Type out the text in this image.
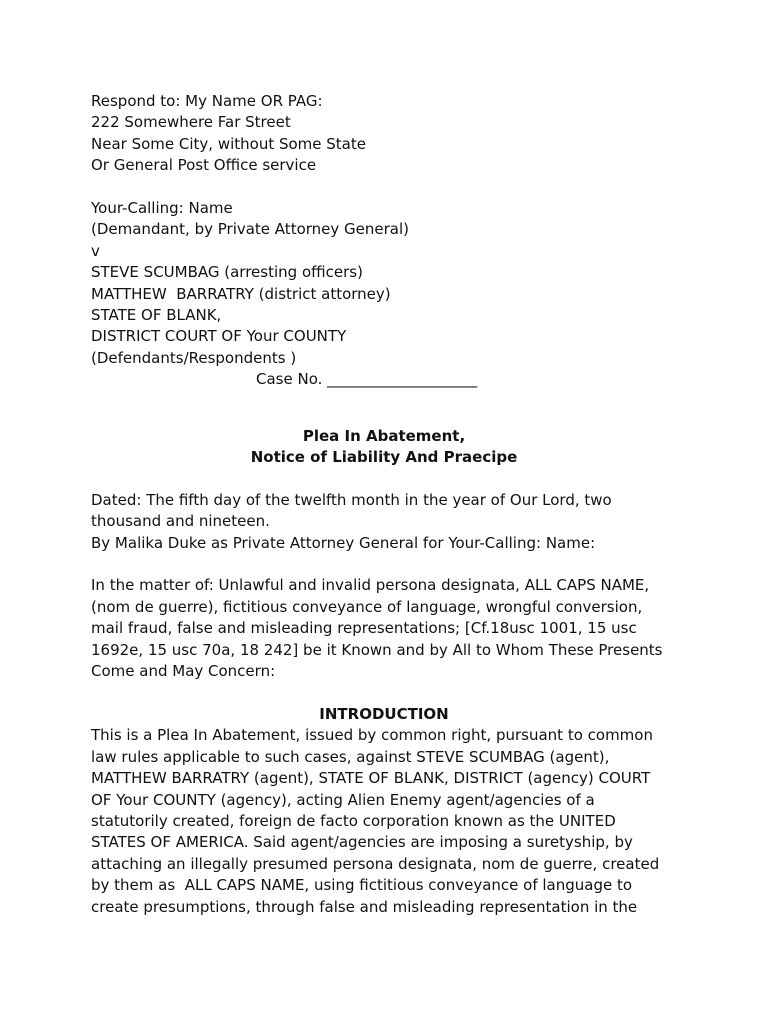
Respond to: My Name OR PAG:
222 Somewhere Far Street
Near Some City, without Some State
Or General Post Office service
Your-Calling: Name
(Demandant, by Private Attorney General)
v
STEVE SCUMBAG (arresting officers)
MATTHEW  BARRATRY (district attorney)
STATE OF BLANK,
DISTRICT COURT OF Your COUNTY
(Defendants/Respondents )
Case No. ____________________
Plea In Abatement,
Notice of Liability And Praecipe
Dated: The fifth day of the twelfth month in the year of Our Lord, two
thousand and nineteen.
By Malika Duke as Private Attorney General for Your-Calling: Name:
In the matter of: Unlawful and invalid persona designata, ALL CAPS NAME,
(nom de guerre), fictitious conveyance of language, wrongful conversion,
mail fraud, false and misleading representations; [Cf.18usc 1001, 15 usc
1692e, 15 usc 70a, 18 242] be it Known and by All to Whom These Presents
Come and May Concern:
INTRODUCTION
This is a Plea In Abatement, issued by common right, pursuant to common
law rules applicable to such cases, against STEVE SCUMBAG (agent),
MATTHEW BARRATRY (agent), STATE OF BLANK, DISTRICT (agency) COURT
OF Your COUNTY (agency), acting Alien Enemy agent/agencies of a
statutorily created, foreign de facto corporation known as the UNITED
STATES OF AMERICA. Said agent/agencies are imposing a suretyship, by
attaching an illegally presumed persona designata, nom de guerre, created
by them as  ALL CAPS NAME, using fictitious conveyance of language to
create presumptions, through false and misleading representation in the
